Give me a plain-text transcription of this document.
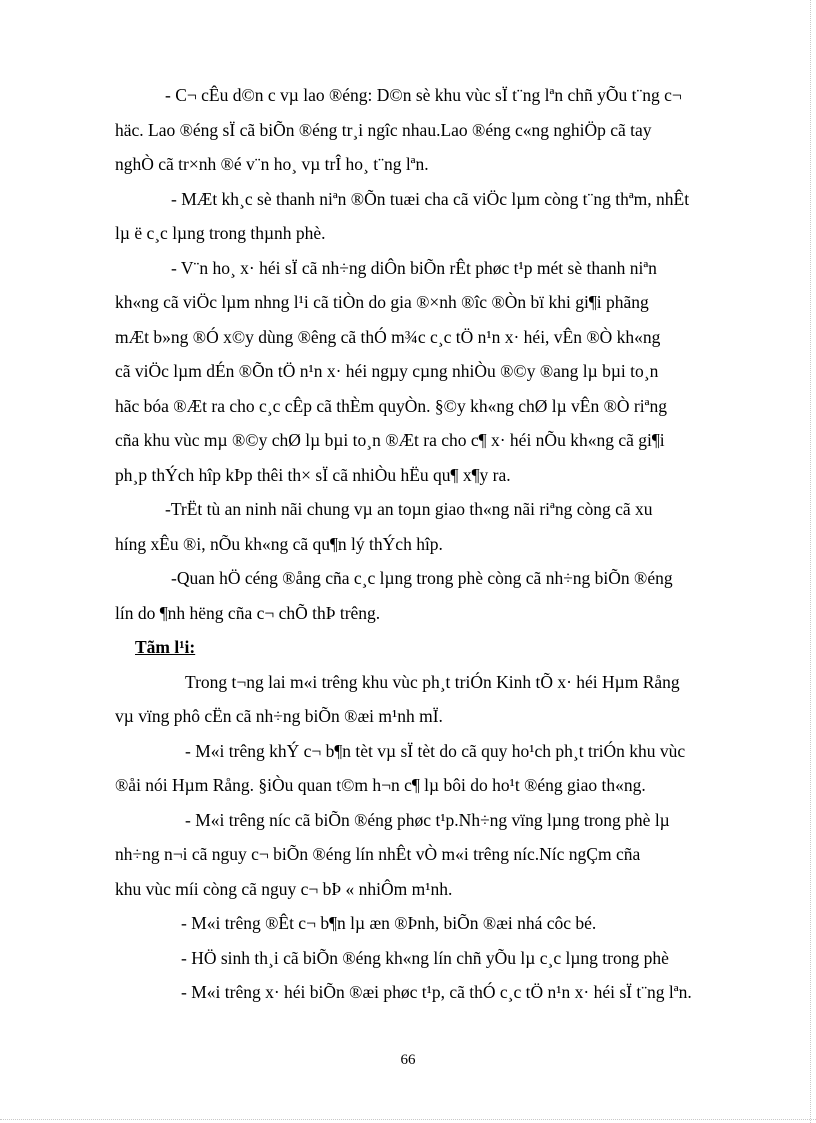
- C¬ cÊu d©n c vµ lao ®éng: D©n sè khu vùc sÏ t¨ng lªn chñ yÕu t¨ng c¬
häc. Lao ®éng sÏ cã biÕn ®éng tr¸i ngîc nhau.Lao ®éng c«ng nghiÖp cã tay
nghÒ cã tr×nh ®é v¨n ho¸ vµ trÎ ho¸ t¨ng lªn.

- MÆt kh¸c sè thanh niªn ®Õn tuæi cha cã viÖc lµm còng t¨ng thªm, nhÊt
lµ ë c¸c lµng trong thµnh phè.

- V¨n ho¸ x· héi sÏ cã nh÷ng diÔn biÕn rÊt phøc t¹p mét sè thanh niªn
kh«ng cã viÖc lµm nhng l¹i cã tiÒn do gia ®×nh ®îc ®Òn bï khi gi¶i phãng
mÆt b»ng ®Ó x©y dùng ®êng cã thÓ m¾c c¸c tÖ n¹n x· héi, vÊn ®Ò kh«ng
cã viÖc lµm dÉn ®Õn tÖ n¹n x· héi ngµy cµng nhiÒu ®©y ®ang lµ bµi to¸n
hãc bóa ®Æt ra cho c¸c cÊp cã thÈm quyÒn. §©y kh«ng chØ lµ vÊn ®Ò riªng
cña khu vùc mµ ®©y chØ lµ bµi to¸n ®Æt ra cho c¶ x· héi nÕu kh«ng cã gi¶i
ph¸p thÝch hîp kÞp thêi th× sÏ cã nhiÒu hËu qu¶ x¶y ra.

-TrËt tù an ninh nãi chung vµ an toµn giao th«ng nãi riªng còng cã xu
híng xÊu ®i, nÕu kh«ng cã qu¶n lý thÝch hîp.

-Quan hÖ céng ®ång cña c¸c lµng trong phè còng cã nh÷ng biÕn ®éng
lín do ¶nh hëng cña c¬ chÕ thÞ trêng.

Tãm l¹i:

Trong t¬ng lai m«i trêng khu vùc ph¸t triÓn Kinh tÕ x· héi Hµm Rång
vµ vïng phô cËn cã nh÷ng biÕn ®æi m¹nh mÏ.

- M«i trêng khÝ c¬ b¶n tèt vµ sÏ tèt do cã quy ho¹ch ph¸t triÓn khu vùc
®åi nói Hµm Rång. §iÒu quan t©m h¬n c¶ lµ bôi do ho¹t ®éng giao th«ng.

- M«i trêng níc cã biÕn ®éng phøc t¹p.Nh÷ng vïng lµng trong phè lµ
nh÷ng n¬i cã nguy c¬ biÕn ®éng lín nhÊt vÒ m«i trêng níc.Níc ngÇm cña
khu vùc míi còng cã nguy c¬ bÞ « nhiÔm m¹nh.

- M«i trêng ®Êt c¬ b¶n lµ æn ®Þnh, biÕn ®æi nhá côc bé.

- HÖ sinh th¸i cã biÕn ®éng kh«ng lín chñ yÕu lµ c¸c lµng trong phè

- M«i trêng x· héi biÕn ®æi phøc t¹p, cã thÓ c¸c tÖ n¹n x· héi sÏ t¨ng lªn.

66
